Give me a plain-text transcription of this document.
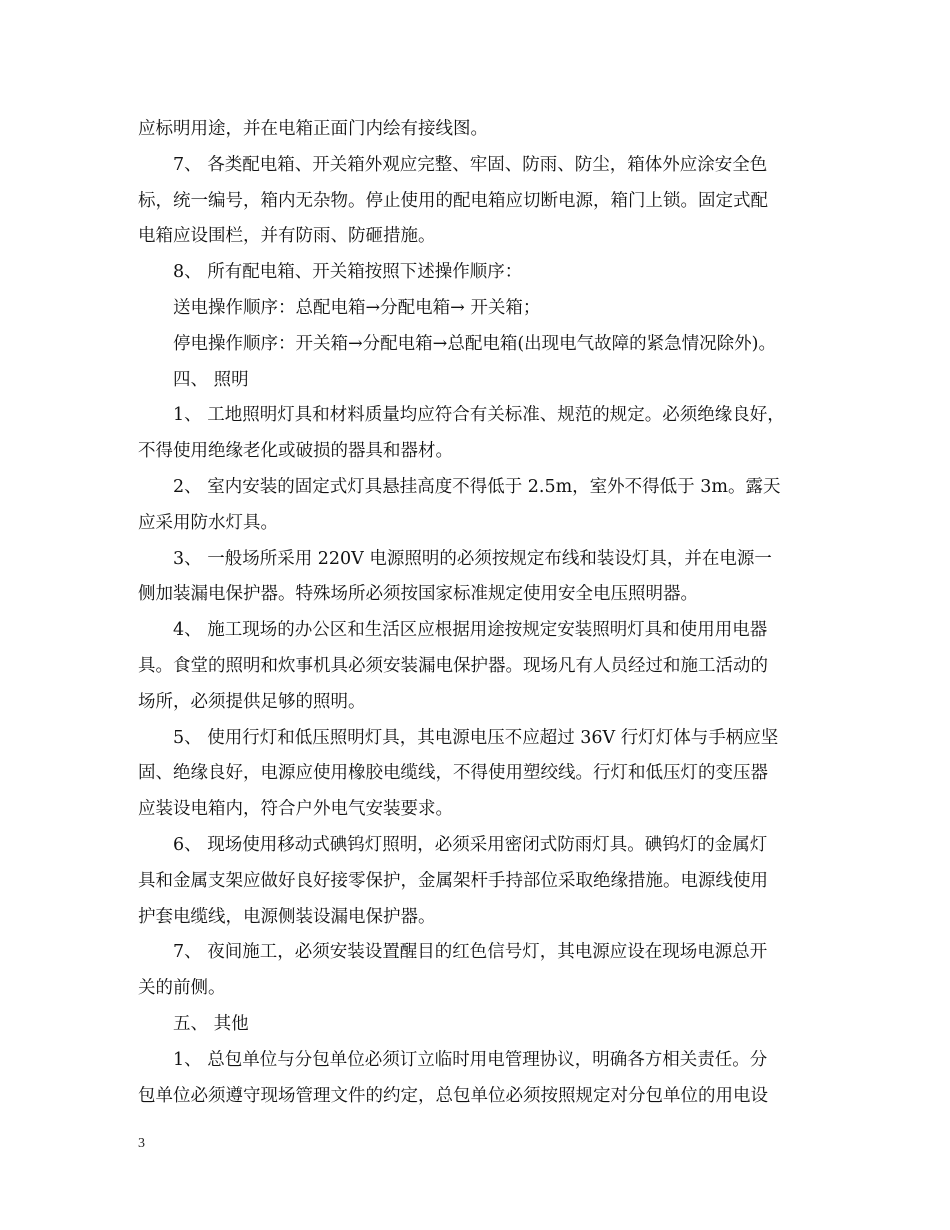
应标明用途，并在电箱正面门内绘有接线图。
7、 各类配电箱、开关箱外观应完整、牢固、防雨、防尘，箱体外应涂安全色
标，统一编号，箱内无杂物。停止使用的配电箱应切断电源，箱门上锁。固定式配
电箱应设围栏，并有防雨、防砸措施。
8、 所有配电箱、开关箱按照下述操作顺序：
送电操作顺序：总配电箱→分配电箱→ 开关箱；
停电操作顺序：开关箱→分配电箱→总配电箱(出现电气故障的紧急情况除外)。
四、 照明
1、 工地照明灯具和材料质量均应符合有关标准、规范的规定。必须绝缘良好，
不得使用绝缘老化或破损的器具和器材。
2、 室内安装的固定式灯具悬挂高度不得低于 2.5m，室外不得低于 3m。露天
应采用防水灯具。
3、 一般场所采用 220V 电源照明的必须按规定布线和装设灯具，并在电源一
侧加装漏电保护器。特殊场所必须按国家标准规定使用安全电压照明器。
4、 施工现场的办公区和生活区应根据用途按规定安装照明灯具和使用用电器
具。食堂的照明和炊事机具必须安装漏电保护器。现场凡有人员经过和施工活动的
场所，必须提供足够的照明。
5、 使用行灯和低压照明灯具，其电源电压不应超过 36V 行灯灯体与手柄应坚
固、绝缘良好，电源应使用橡胶电缆线，不得使用塑绞线。行灯和低压灯的变压器
应装设电箱内，符合户外电气安装要求。
6、 现场使用移动式碘钨灯照明，必须采用密闭式防雨灯具。碘钨灯的金属灯
具和金属支架应做好良好接零保护，金属架杆手持部位采取绝缘措施。电源线使用
护套电缆线，电源侧装设漏电保护器。
7、 夜间施工，必须安装设置醒目的红色信号灯，其电源应设在现场电源总开
关的前侧。
五、 其他
1、 总包单位与分包单位必须订立临时用电管理协议，明确各方相关责任。分
包单位必须遵守现场管理文件的约定，总包单位必须按照规定对分包单位的用电设
3
